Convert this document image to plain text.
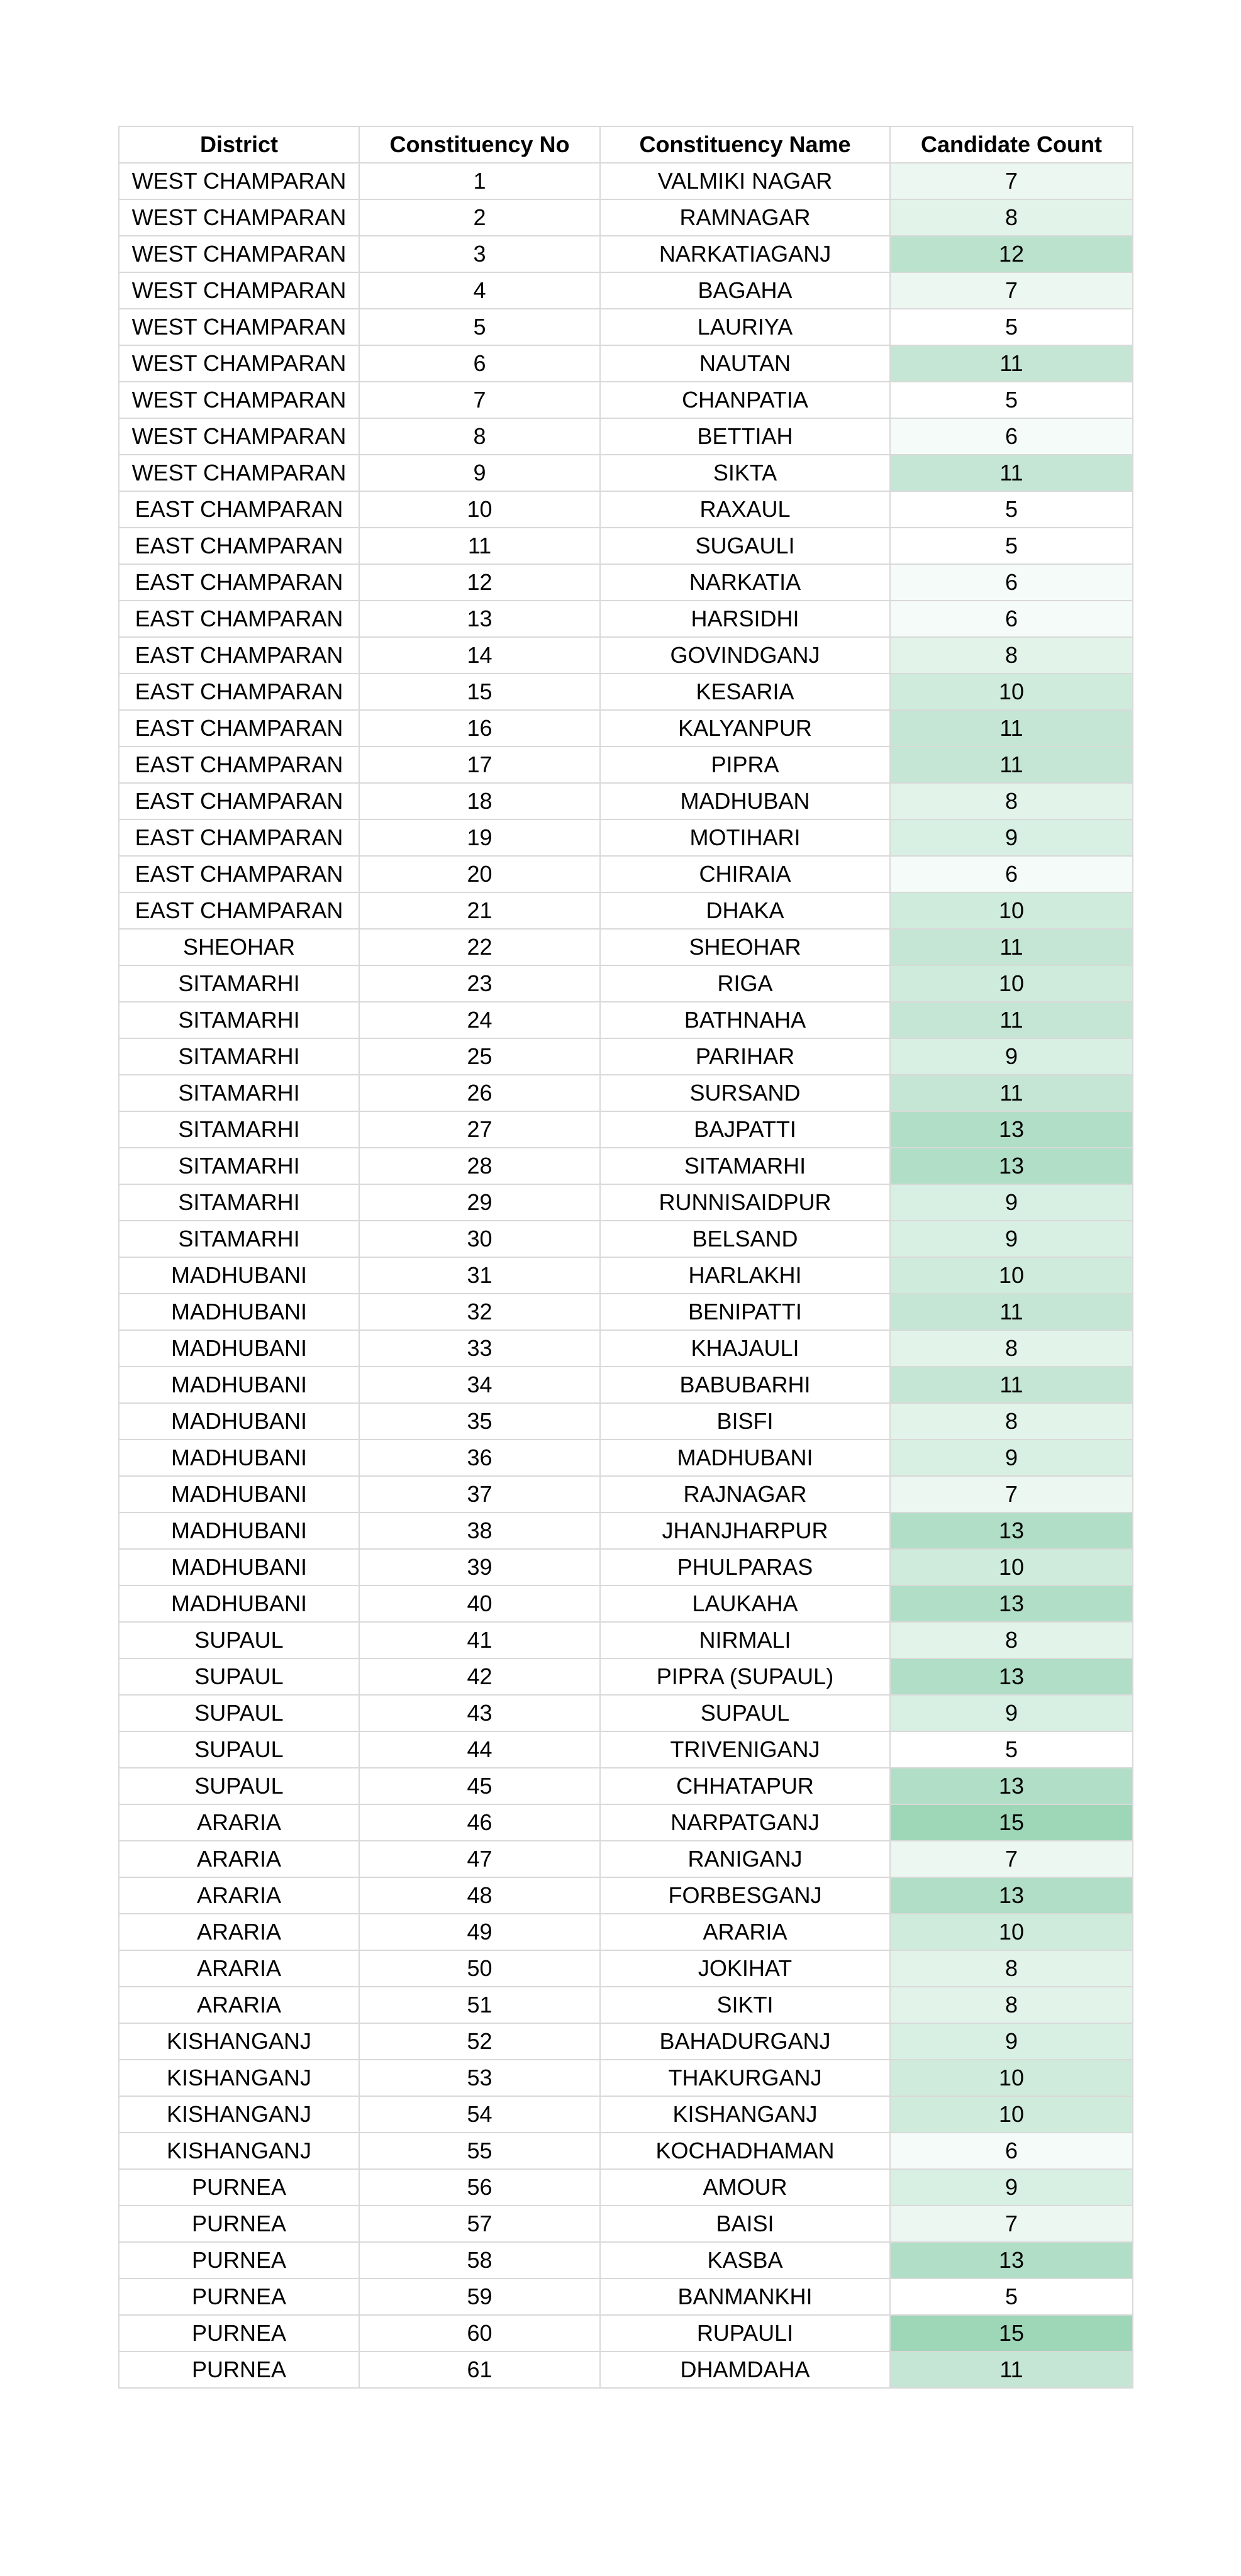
District	Constituency No	Constituency Name	Candidate Count
WEST CHAMPARAN	1	VALMIKI NAGAR	7
WEST CHAMPARAN	2	RAMNAGAR	8
WEST CHAMPARAN	3	NARKATIAGANJ	12
WEST CHAMPARAN	4	BAGAHA	7
WEST CHAMPARAN	5	LAURIYA	5
WEST CHAMPARAN	6	NAUTAN	11
WEST CHAMPARAN	7	CHANPATIA	5
WEST CHAMPARAN	8	BETTIAH	6
WEST CHAMPARAN	9	SIKTA	11
EAST CHAMPARAN	10	RAXAUL	5
EAST CHAMPARAN	11	SUGAULI	5
EAST CHAMPARAN	12	NARKATIA	6
EAST CHAMPARAN	13	HARSIDHI	6
EAST CHAMPARAN	14	GOVINDGANJ	8
EAST CHAMPARAN	15	KESARIA	10
EAST CHAMPARAN	16	KALYANPUR	11
EAST CHAMPARAN	17	PIPRA	11
EAST CHAMPARAN	18	MADHUBAN	8
EAST CHAMPARAN	19	MOTIHARI	9
EAST CHAMPARAN	20	CHIRAIA	6
EAST CHAMPARAN	21	DHAKA	10
SHEOHAR	22	SHEOHAR	11
SITAMARHI	23	RIGA	10
SITAMARHI	24	BATHNAHA	11
SITAMARHI	25	PARIHAR	9
SITAMARHI	26	SURSAND	11
SITAMARHI	27	BAJPATTI	13
SITAMARHI	28	SITAMARHI	13
SITAMARHI	29	RUNNISAIDPUR	9
SITAMARHI	30	BELSAND	9
MADHUBANI	31	HARLAKHI	10
MADHUBANI	32	BENIPATTI	11
MADHUBANI	33	KHAJAULI	8
MADHUBANI	34	BABUBARHI	11
MADHUBANI	35	BISFI	8
MADHUBANI	36	MADHUBANI	9
MADHUBANI	37	RAJNAGAR	7
MADHUBANI	38	JHANJHARPUR	13
MADHUBANI	39	PHULPARAS	10
MADHUBANI	40	LAUKAHA	13
SUPAUL	41	NIRMALI	8
SUPAUL	42	PIPRA (SUPAUL)	13
SUPAUL	43	SUPAUL	9
SUPAUL	44	TRIVENIGANJ	5
SUPAUL	45	CHHATAPUR	13
ARARIA	46	NARPATGANJ	15
ARARIA	47	RANIGANJ	7
ARARIA	48	FORBESGANJ	13
ARARIA	49	ARARIA	10
ARARIA	50	JOKIHAT	8
ARARIA	51	SIKTI	8
KISHANGANJ	52	BAHADURGANJ	9
KISHANGANJ	53	THAKURGANJ	10
KISHANGANJ	54	KISHANGANJ	10
KISHANGANJ	55	KOCHADHAMAN	6
PURNEA	56	AMOUR	9
PURNEA	57	BAISI	7
PURNEA	58	KASBA	13
PURNEA	59	BANMANKHI	5
PURNEA	60	RUPAULI	15
PURNEA	61	DHAMDAHA	11
